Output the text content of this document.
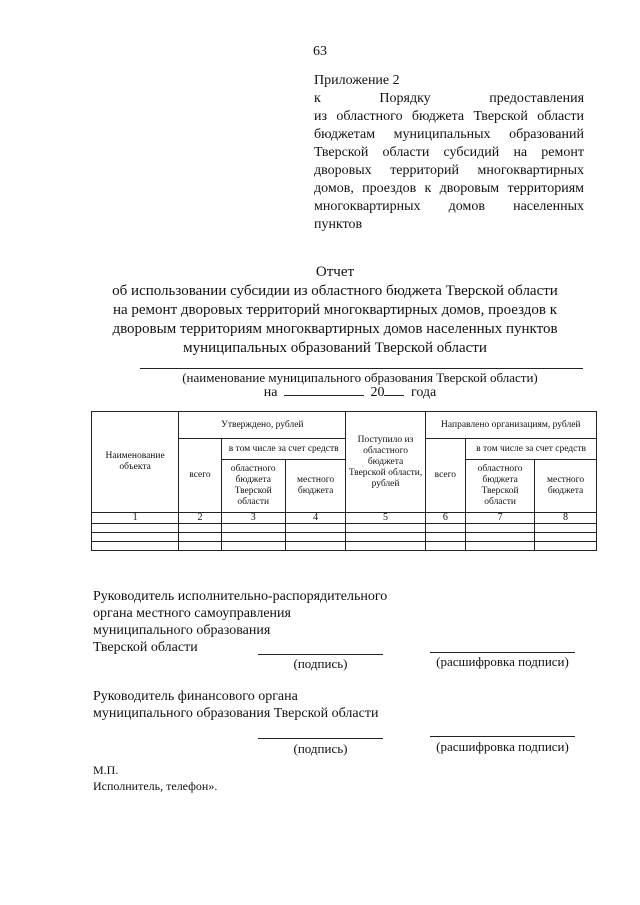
63
Приложение 2
к	Порядку	предоставления
из областного бюджета Тверской области
бюджетам муниципальных образований
Тверской области субсидий на ремонт
дворовых территорий многоквартирных
домов, проездов к дворовым территориям
многоквартирных домов населенных
пунктов
Отчет
об использовании субсидии из областного бюджета Тверской области
на ремонт дворовых территорий многоквартирных домов, проездов к
дворовым территориям многоквартирных домов населенных пунктов
муниципальных образований Тверской области
(наименование муниципального образования Тверской области)
на	20 года
Наименование объекта	Утверждено, рублей			Поступило из областного бюджета Тверской области, рублей	Направлено организациям, рублей		
	всего	в том числе за счет средств			всего	в том числе за счет средств	
		областного бюджета Тверской области	местного бюджета			областного бюджета Тверской области	местного бюджета
1	2	3	4	5	6	7	8

Руководитель исполнительно-распорядительного
органа местного самоуправления
муниципального образования
Тверской области
(подпись)	(расшифровка подписи)
Руководитель финансового органа
муниципального образования Тверской области
(подпись)	(расшифровка подписи)
М.П.
Исполнитель, телефон».
